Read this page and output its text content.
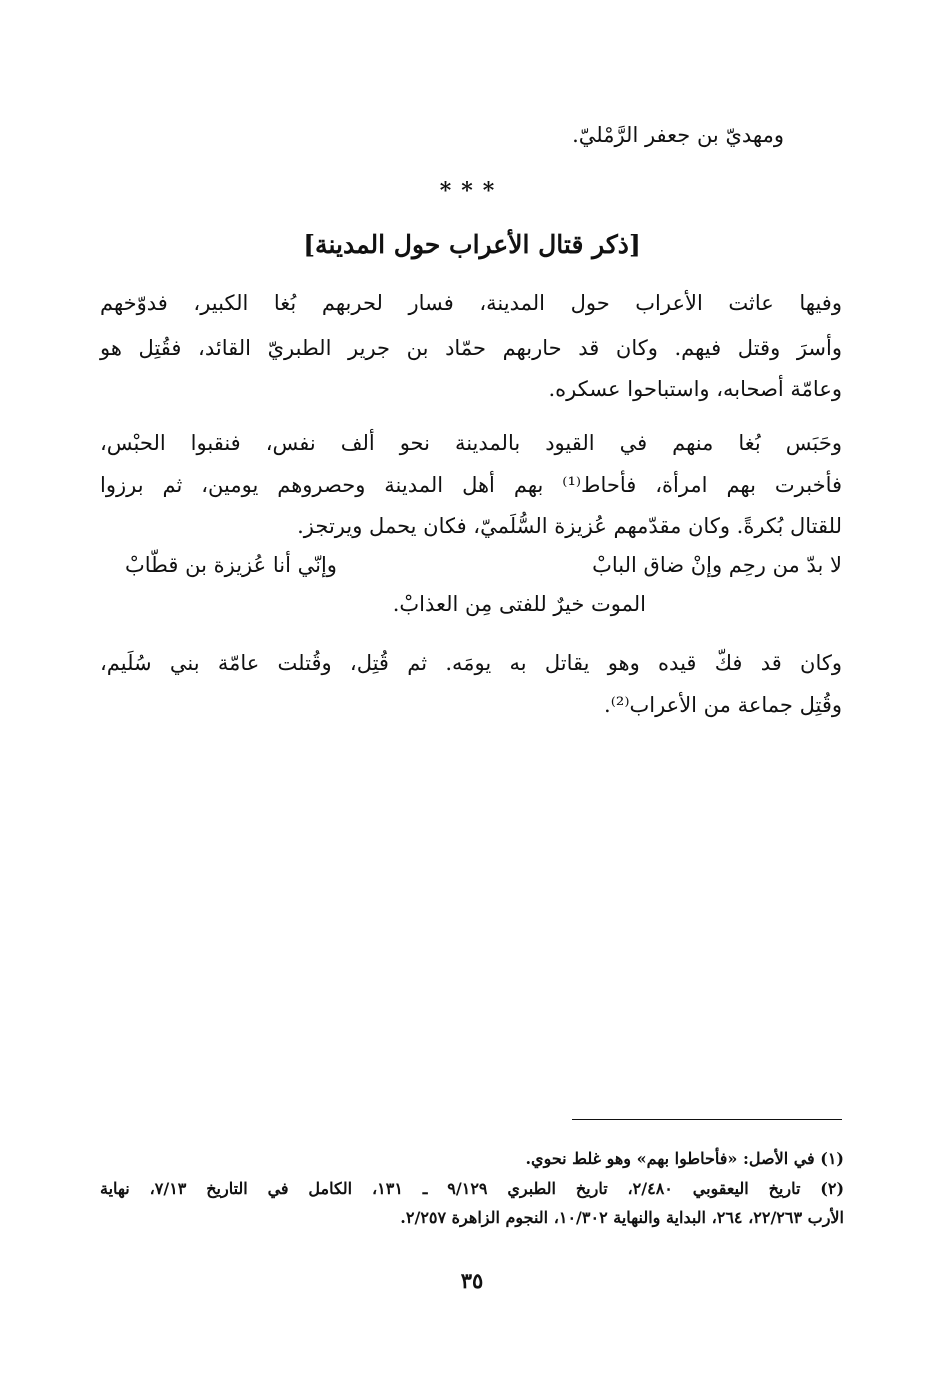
ومهديّ بن جعفر الرَّمْليّ.
***
[ذكر قتال الأعراب حول المدينة]
وفيها عاثت الأعراب حول المدينة، فسار لحربهم بُغا الكبير، فدوّخهم
وأسرَ وقتل فيهم. وكان قد حاربهم حمّاد بن جرير الطبريّ القائد، فقُتِل هو
وعامّة أصحابه، واستباحوا عسكره.
وحَبَس بُغا منهم في القيود بالمدينة نحو ألف نفس، فنقبوا الحبْس،
فأخبرت بهم امرأة، فأحاط⁽¹⁾ بهم أهل المدينة وحصروهم يومين، ثم برزوا
للقتال بُكرةً. وكان مقدّمهم عُزيزة السُّلَميّ، فكان يحمل ويرتجز.
لا بدّ من رحِم وإنْ ضاق البابْ
وإنّي أنا عُزيزة بن قطّابْ
الموت خيرٌ للفتى مِن العذابْ.
وكان قد فكّ قيده وهو يقاتل به يومَه. ثم قُتِل، وقُتلت عامّة بني سُلَيم،
وقُتِل جماعة من الأعراب⁽²⁾.
(١) في الأصل: «فأحاطوا بهم» وهو غلط نحوي.
(٢) تاريخ اليعقوبي ٢/٤٨٠، تاريخ الطبري ٩/١٢٩ ـ ١٣١، الكامل في التاريخ ٧/١٣، نهاية
الأرب ٢٢/٢٦٣، ٢٦٤، البداية والنهاية ١٠/٣٠٢، النجوم الزاهرة ٢/٢٥٧.
٣٥
